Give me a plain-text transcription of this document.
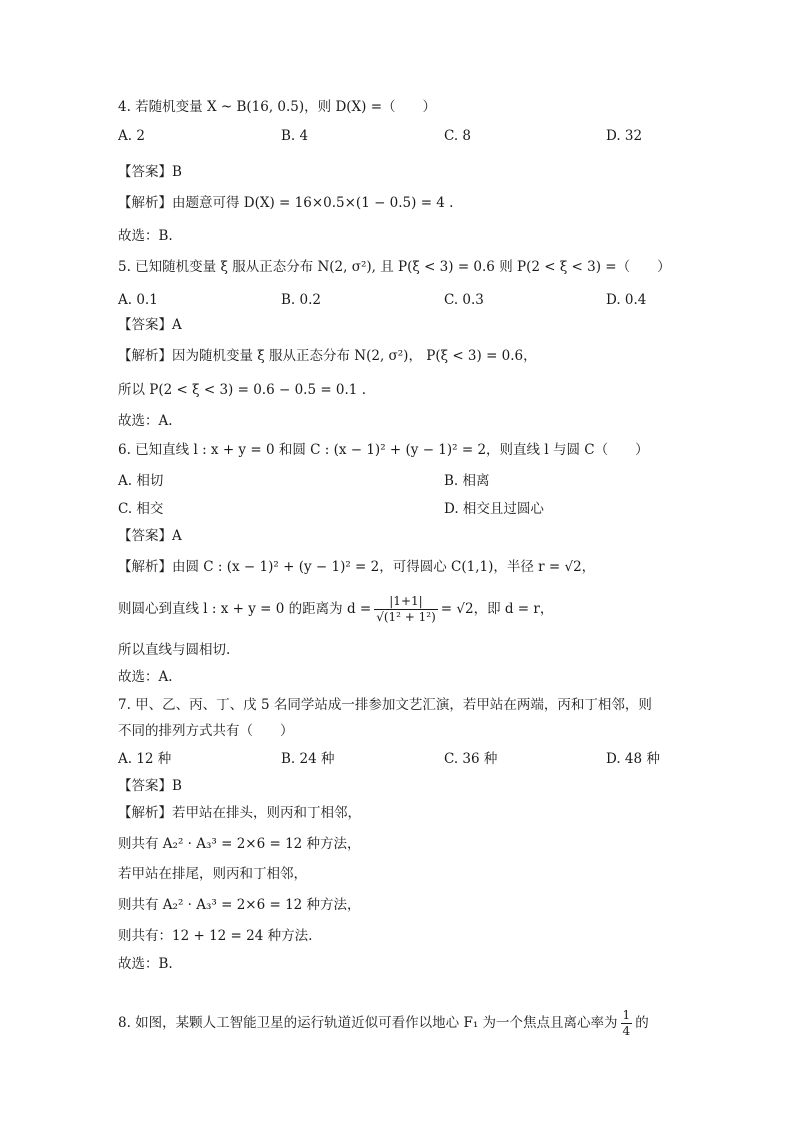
4. 若随机变量 X ~ B(16, 0.5)，则 D(X) =（　　）
A. 2	B. 4	C. 8	D. 32
【答案】B
【解析】由题意可得 D(X) = 16×0.5×(1 − 0.5) = 4 .
故选：B.
5. 已知随机变量 ξ 服从正态分布 N(2, σ²), 且 P(ξ < 3) = 0.6 则 P(2 < ξ < 3) =（　　）
A. 0.1	B. 0.2	C. 0.3	D. 0.4
【答案】A
【解析】因为随机变量 ξ 服从正态分布 N(2, σ²)， P(ξ < 3) = 0.6，
所以 P(2 < ξ < 3) = 0.6 − 0.5 = 0.1 .
故选：A.
6. 已知直线 l : x + y = 0 和圆 C : (x − 1)² + (y − 1)² = 2，则直线 l 与圆 C（　　）
A. 相切	B. 相离
C. 相交	D. 相交且过圆心
【答案】A
【解析】由圆 C : (x − 1)² + (y − 1)² = 2，可得圆心 C(1,1)，半径 r = √2，
则圆心到直线 l : x + y = 0 的距离为 $d = \frac{|1+1|}{\text{√(1² + 1²)}} = √2$，即 d = r，
所以直线与圆相切.
故选：A.
7. 甲、乙、丙、丁、戊 5 名同学站成一排参加文艺汇演，若甲站在两端，丙和丁相邻，则
不同的排列方式共有（　　）
A. 12 种	B. 24 种	C. 36 种	D. 48 种
【答案】B
【解析】若甲站在排头，则丙和丁相邻，
则共有 A₂² · A₃³ = 2×6 = 12 种方法，
若甲站在排尾，则丙和丁相邻，
则共有 A₂² · A₃³ = 2×6 = 12 种方法，
则共有：12 + 12 = 24 种方法.
故选：B.
8. 如图，某颗人工智能卫星的运行轨道近似可看作以地心 F₁ 为一个焦点且离心率为 $\frac{1}{4}$ 的
